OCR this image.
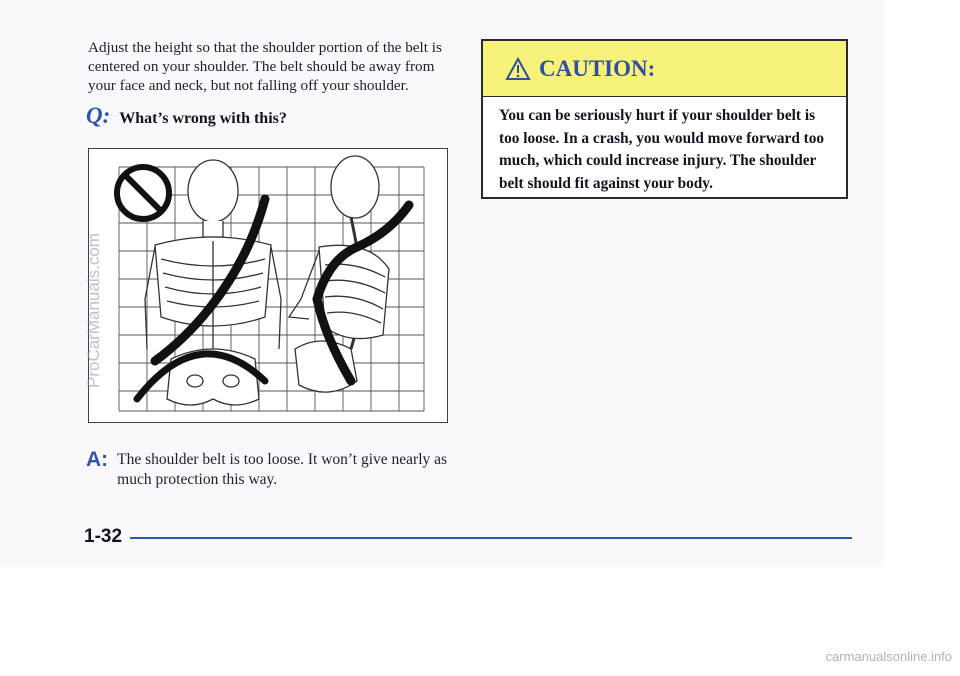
Adjust the height so that the shoulder portion of the belt is centered on your shoulder. The belt should be away from your face and neck, but not falling off your shoulder.

Q: What’s wrong with this?
A: The shoulder belt is too loose. It won’t give nearly as much protection this way.
CAUTION:
You can be seriously hurt if your shoulder belt is too loose. In a crash, you would move forward too much, which could increase injury. The shoulder belt should fit against your body.
ProCarManuals.com
1-32
carmanualsonline.info
